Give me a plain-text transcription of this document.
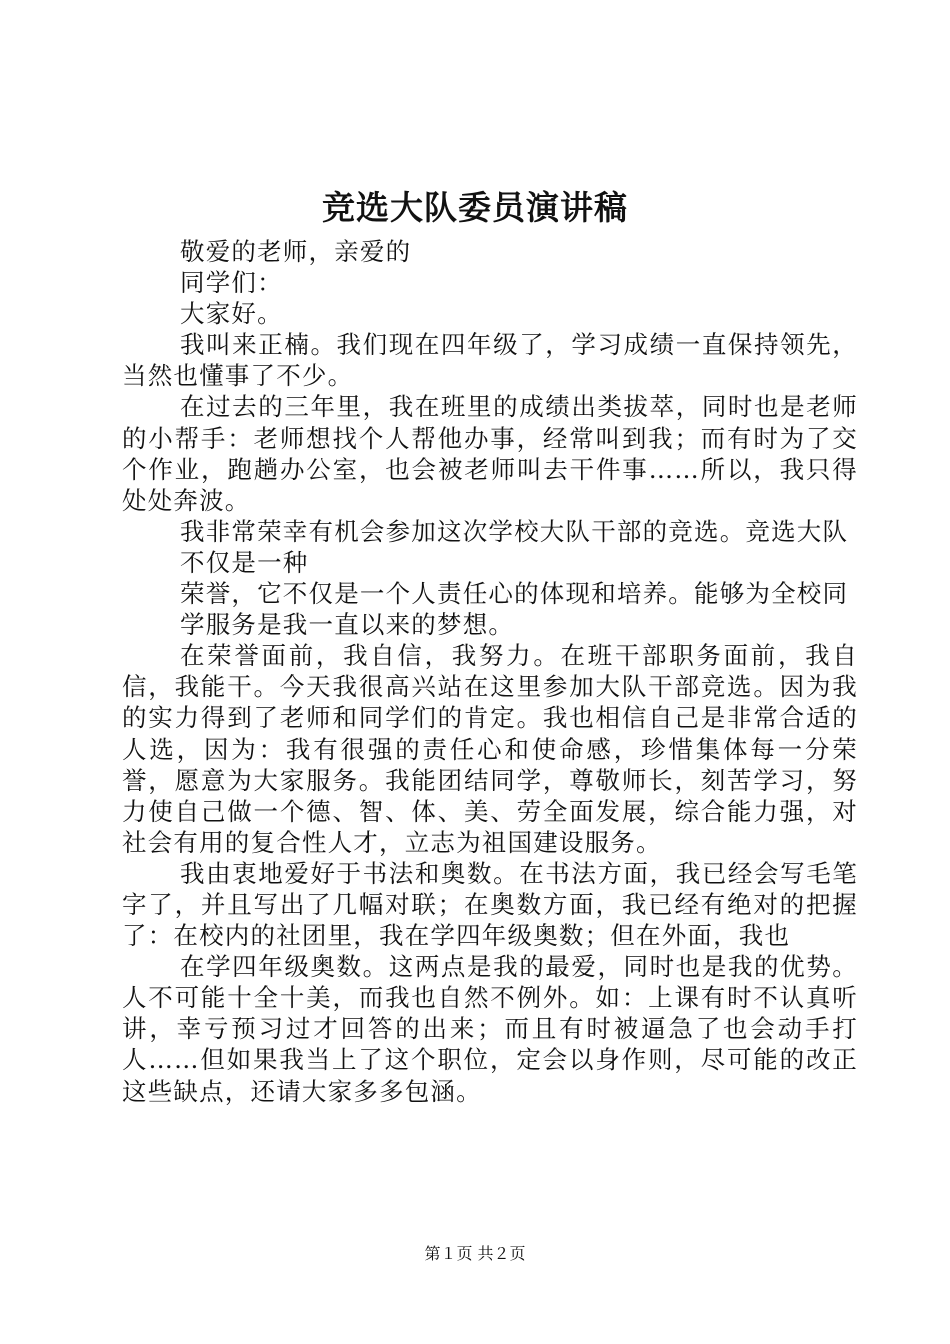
竞选大队委员演讲稿

敬爱的老师，亲爱的

同学们：

大家好。

我叫来正楠。我们现在四年级了，学习成绩一直保持领先，当然也懂事了不少。

在过去的三年里，我在班里的成绩出类拔萃，同时也是老师的小帮手：老师想找个人帮他办事，经常叫到我；而有时为了交个作业，跑趟办公室，也会被老师叫去干件事……所以，我只得处处奔波。

我非常荣幸有机会参加这次学校大队干部的竞选。竞选大队

不仅是一种

荣誉，它不仅是一个人责任心的体现和培养。能够为全校同

学服务是我一直以来的梦想。

在荣誉面前，我自信，我努力。在班干部职务面前，我自信，我能干。今天我很高兴站在这里参加大队干部竞选。因为我的实力得到了老师和同学们的肯定。我也相信自己是非常合适的人选，因为：我有很强的责任心和使命感，珍惜集体每一分荣誉，愿意为大家服务。我能团结同学，尊敬师长，刻苦学习，努力使自己做一个德、智、体、美、劳全面发展，综合能力强，对社会有用的复合性人才，立志为祖国建设服务。

我由衷地爱好于书法和奥数。在书法方面，我已经会写毛笔字了，并且写出了几幅对联；在奥数方面，我已经有绝对的把握了：在校内的社团里，我在学四年级奥数；但在外面，我也

在学四年级奥数。这两点是我的最爱，同时也是我的优势。人不可能十全十美，而我也自然不例外。如：上课有时不认真听讲，幸亏预习过才回答的出来；而且有时被逼急了也会动手打人……但如果我当上了这个职位，定会以身作则，尽可能的改正这些缺点，还请大家多多包涵。

第１页 共２页
